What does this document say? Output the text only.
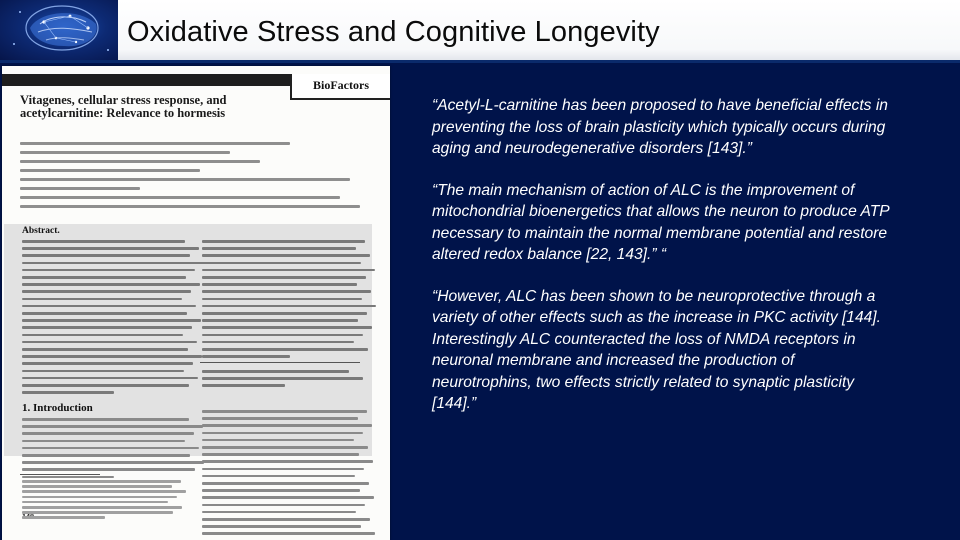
Oxidative Stress and Cognitive Longevity
BioFactors
Vitagenes, cellular stress response, and acetylcarnitine: Relevance to hormesis
Abstract.
1. Introduction

“Acetyl-L-carnitine has been proposed to have beneficial effects in preventing the loss of brain plasticity which typically occurs during aging and neurodegenerative disorders [143].”

“The main mechanism of action of ALC is the improvement of mitochondrial bioenergetics that allows the neuron to produce ATP necessary to maintain the normal membrane potential and restore altered redox balance [22, 143].” “

“However, ALC has been shown to be neuroprotective through a variety of other effects such as the increase in PKC activity [144]. Interestingly ALC counteracted the loss of NMDA receptors in neuronal membrane and increased the production of neurotrophins, two effects strictly related to synaptic plasticity [144].”
